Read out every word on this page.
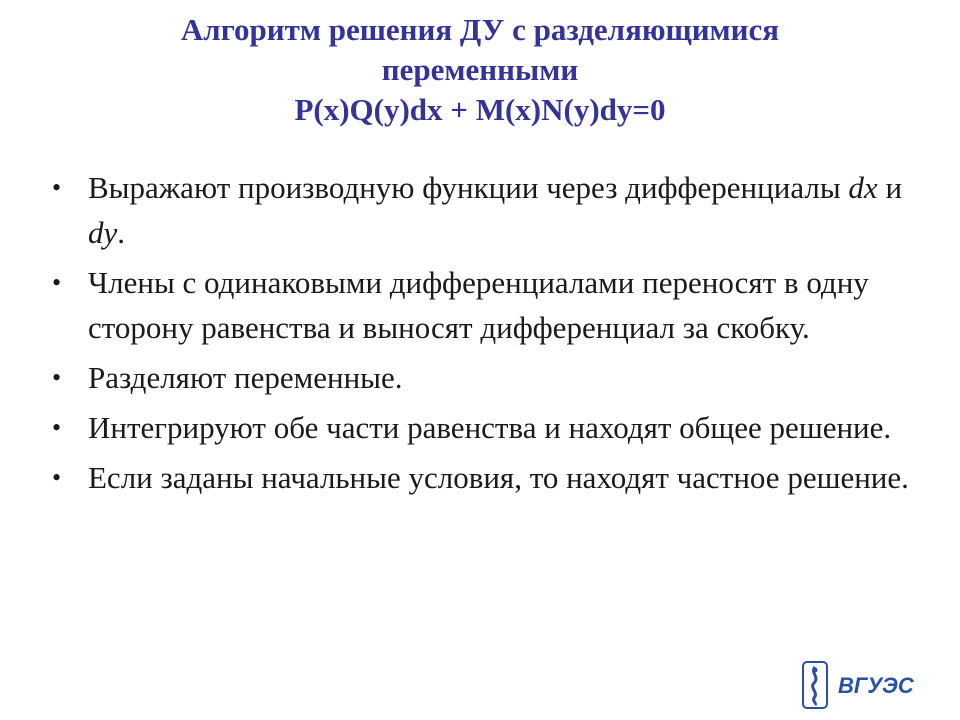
Алгоритм решения ДУ с разделяющимися
переменными
P(x)Q(y)dx + M(x)N(y)dy=0
• Выражают производную функции через дифференциалы dx и dy.
• Члены с одинаковыми дифференциалами переносят в одну сторону равенства и выносят дифференциал за скобку.
• Разделяют переменные.
• Интегрируют обе части равенства и находят общее решение.
• Если заданы начальные условия, то находят частное решение.
ВГУЭС
